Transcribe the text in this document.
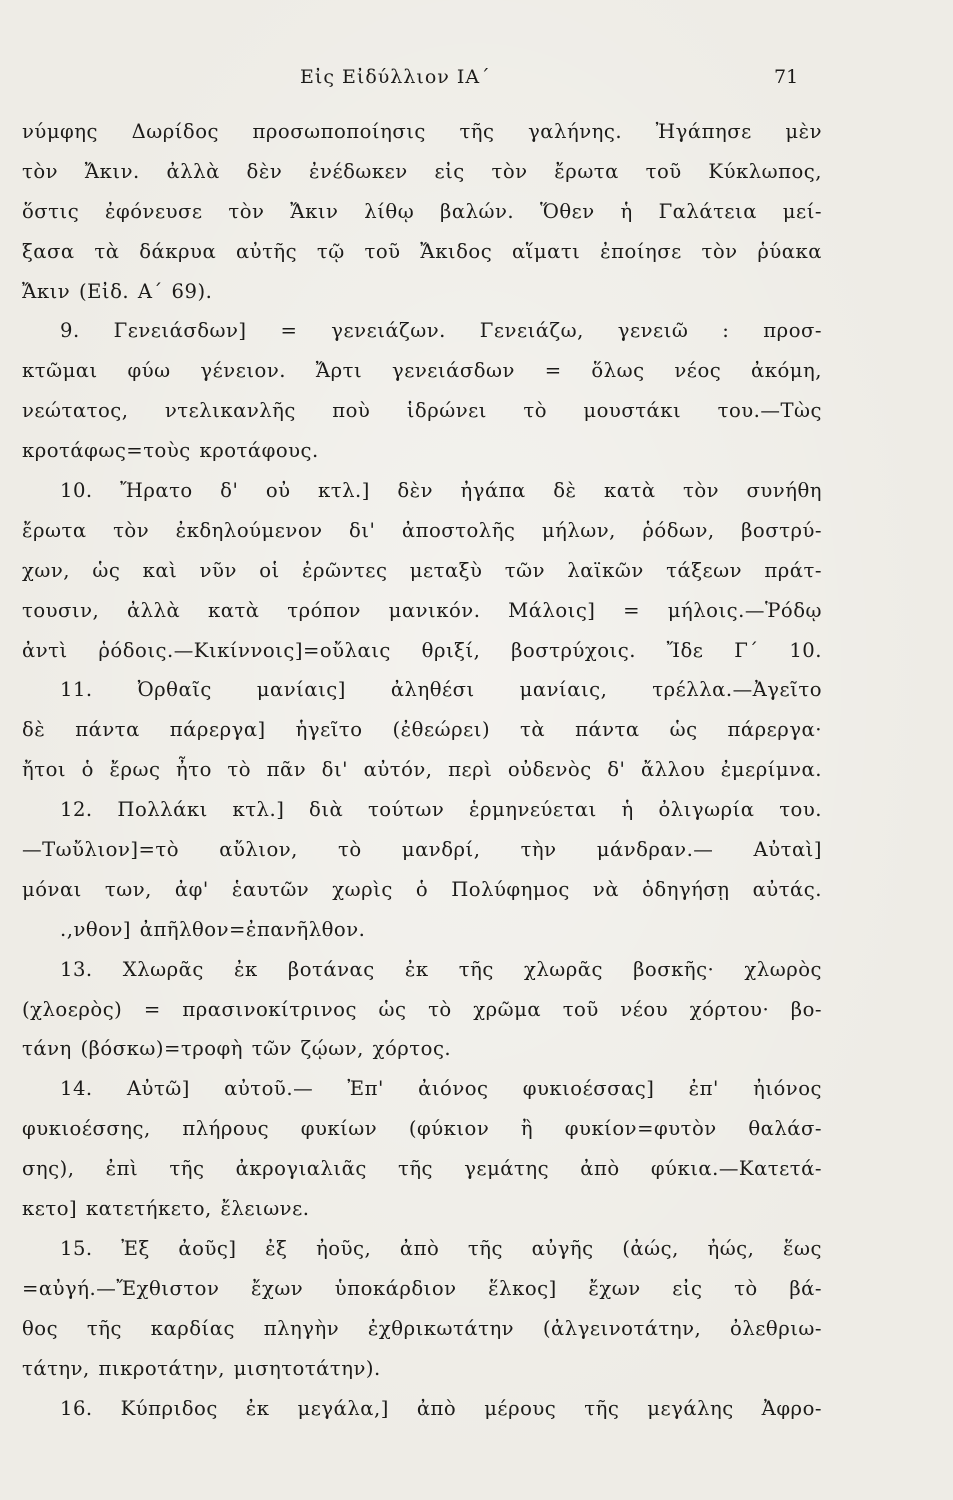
Εἰς Εἰδύλλιον ΙΑ΄	71
νύμφης Δωρίδος προσωποποίησις τῆς γαλήνης. Ἠγάπησε μὲν
τὸν Ἄκιν. ἀλλὰ δὲν ἐνέδωκεν εἰς τὸν ἔρωτα τοῦ Κύκλωπος,
ὅστις ἐφόνευσε τὸν Ἄκιν λίθῳ βαλών. Ὅθεν ἡ Γαλάτεια μεί-
ξασα τὰ δάκρυα αὐτῆς τῷ τοῦ Ἄκιδος αἵματι ἐποίησε τὸν ῥύακα
Ἄκιν (Εἰδ. Α΄ 69).
9. Γενειάσδων] = γενειάζων. Γενειάζω, γενειῶ : προσ-
κτῶμαι φύω γένειον. Ἄρτι γενειάσδων = ὅλως νέος ἀκόμη,
νεώτατος, ντελικανλῆς ποὺ ἱδρώνει τὸ μουστάκι του.—Τὼς
κροτάφως=τοὺς κροτάφους.
10. Ἤρατο δ' οὐ κτλ.] δὲν ἠγάπα δὲ κατὰ τὸν συνήθη
ἔρωτα τὸν ἐκδηλούμενον δι' ἀποστολῆς μήλων, ῥόδων, βοστρύ-
χων, ὡς καὶ νῦν οἱ ἐρῶντες μεταξὺ τῶν λαϊκῶν τάξεων πράτ-
τουσιν, ἀλλὰ κατὰ τρόπον μανικόν. Μάλοις] = μήλοις.—Ῥόδῳ
ἀντὶ ῥόδοις.—Κικίννοις]=οὔλαις θριξί, βοστρύχοις. Ἴδε Γ΄ 10.
11. Ὀρθαῖς μανίαις] ἀληθέσι μανίαις, τρέλλα.—Ἀγεῖτο
δὲ πάντα πάρεργα] ἡγεῖτο (ἐθεώρει) τὰ πάντα ὡς πάρεργα·
ἤτοι ὁ ἔρως ἦτο τὸ πᾶν δι' αὐτόν, περὶ οὐδενὸς δ' ἄλλου ἐμερίμνα.
12. Πολλάκι κτλ.] διὰ τούτων ἑρμηνεύεται ἡ ὀλιγωρία του.
—Τωὔλιον]=τὸ αὔλιον, τὸ μανδρί, τὴν μάνδραν.— Αὐταὶ]
μόναι των, ἀφ' ἑαυτῶν χωρὶς ὁ Πολύφημος νὰ ὁδηγήσῃ αὐτάς.
.,νθον] ἀπῆλθον=ἐπανῆλθον.
13. Χλωρᾶς ἐκ βοτάνας ἐκ τῆς χλωρᾶς βοσκῆς· χλωρὸς
(χλοερὸς) = πρασινοκίτρινος ὡς τὸ χρῶμα τοῦ νέου χόρτου· βο-
τάνη (βόσκω)=τροφὴ τῶν ζῴων, χόρτος.
14. Αὐτῶ] αὐτοῦ.— Ἐπ' ἀιόνος φυκιοέσσας] ἐπ' ἠιόνος
φυκιοέσσης, πλήρους φυκίων (φύκιον ἢ φυκίον=φυτὸν θαλάσ-
σης), ἐπὶ τῆς ἀκρογιαλιᾶς τῆς γεμάτης ἀπὸ φύκια.—Κατετά-
κετο] κατετήκετο, ἔλειωνε.
15. Ἐξ ἀοῦς] ἐξ ἠοῦς, ἀπὸ τῆς αὐγῆς (ἀώς, ἠώς, ἕως
=αὐγή.—Ἔχθιστον ἔχων ὑποκάρδιον ἕλκος] ἔχων εἰς τὸ βά-
θος τῆς καρδίας πληγὴν ἐχθρικωτάτην (ἀλγεινοτάτην, ὀλεθριω-
τάτην, πικροτάτην, μισητοτάτην).
16. Κύπριδος ἐκ μεγάλα,] ἀπὸ μέρους τῆς μεγάλης Ἀφρο-
